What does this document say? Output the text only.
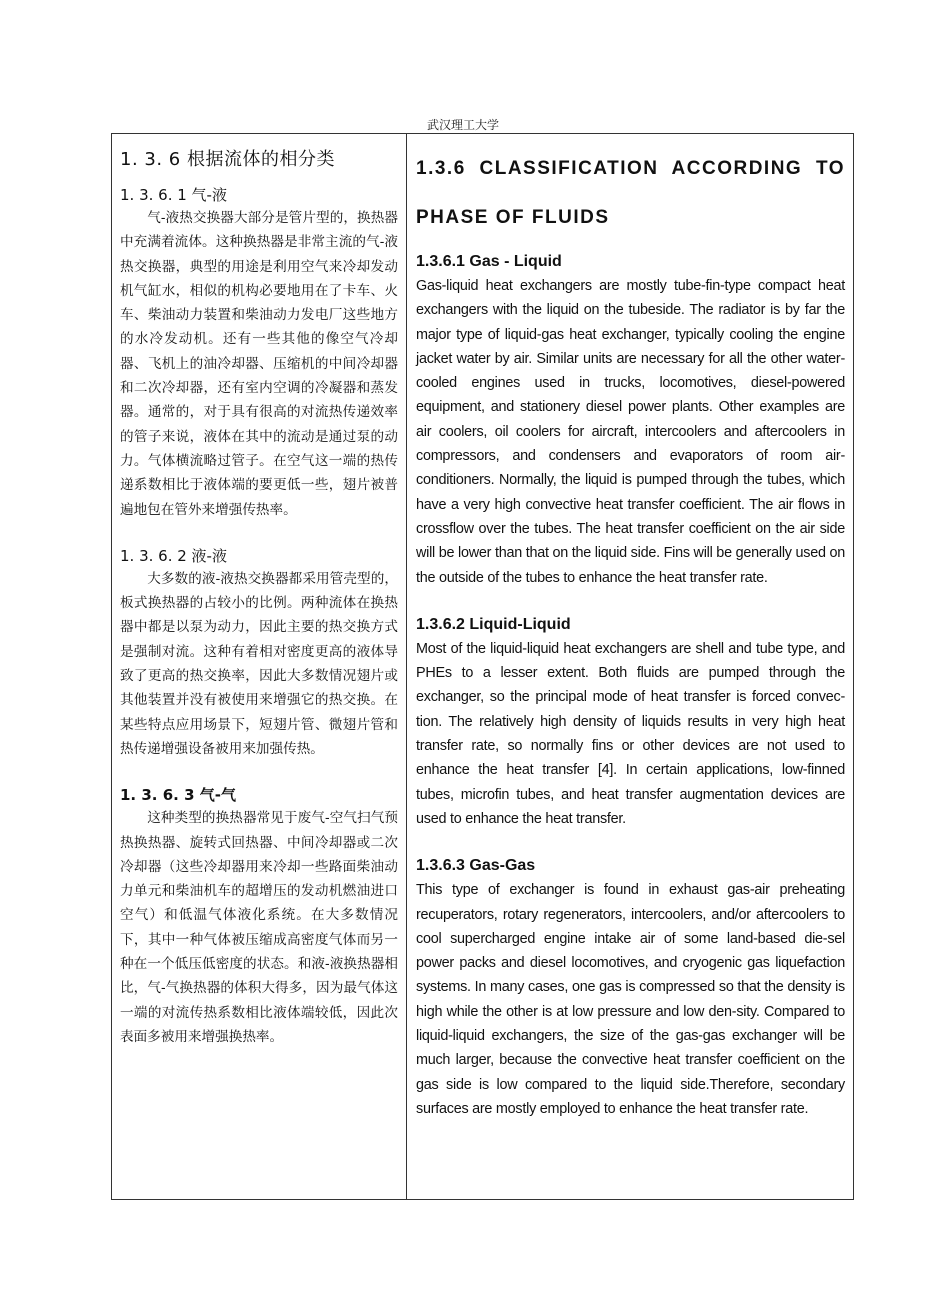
武汉理工大学
1. 3. 6 根据流体的相分类
1. 3. 6. 1 气-液

气-液热交换器大部分是管片型的，换热器中充满着流体。这种换热器是非常主流的气-液热交换器，典型的用途是利用空气来冷却发动机气缸水，相似的机构必要地用在了卡车、火车、柴油动力装置和柴油动力发电厂这些地方的水冷发动机。还有一些其他的像空气冷却器、飞机上的油冷却器、压缩机的中间冷却器和二次冷却器，还有室内空调的冷凝器和蒸发器。通常的，对于具有很高的对流热传递效率的管子来说，液体在其中的流动是通过泵的动力。气体横流略过管子。在空气这一端的热传递系数相比于液体端的要更低一些，翅片被普遍地包在管外来增强传热率。

1. 3. 6. 2 液-液

大多数的液-液热交换器都采用管壳型的，板式换热器的占较小的比例。两种流体在换热器中都是以泵为动力，因此主要的热交换方式是强制对流。这种有着相对密度更高的液体导致了更高的热交换率，因此大多数情况翅片或其他装置并没有被使用来增强它的热交换。在某些特点应用场景下，短翅片管、微翅片管和热传递增强设备被用来加强传热。

1. 3. 6. 3 气-气

这种类型的换热器常见于废气-空气扫气预热换热器、旋转式回热器、中间冷却器或二次冷却器（这些冷却器用来冷却一些路面柴油动力单元和柴油机车的超增压的发动机燃油进口空气）和低温气体液化系统。在大多数情况下，其中一种气体被压缩成高密度气体而另一种在一个低压低密度的状态。和液-液换热器相比，气-气换热器的体积大得多，因为最气体这一端的对流传热系数相比液体端较低，因此次表面多被用来增强换热率。

1.3.6 CLASSIFICATION ACCORDING TO PHASE OF FLUIDS
1.3.6.1 Gas - Liquid

Gas-liquid heat exchangers are mostly tube-fin-type compact heat exchangers with the liquid on the tubeside. The radiator is by far the major type of liquid-gas heat exchanger, typically cooling the engine jacket water by air. Similar units are necessary for all the other water-cooled engines used in trucks, locomotives, diesel-powered equipment, and stationery diesel power plants. Other examples are air coolers, oil coolers for aircraft, intercoolers and aftercoolers in compressors, and condensers and evaporators of room air-conditioners. Normally, the liquid is pumped through the tubes, which have a very high convective heat transfer coefficient. The air flows in crossflow over the tubes. The heat transfer coefficient on the air side will be lower than that on the liquid side. Fins will be generally used on the outside of the tubes to enhance the heat transfer rate.

1.3.6.2 Liquid-Liquid

Most of the liquid-liquid heat exchangers are shell and tube type, and PHEs to a lesser extent. Both fluids are pumped through the exchanger, so the principal mode of heat transfer is forced convec-tion. The relatively high density of liquids results in very high heat transfer rate, so normally fins or other devices are not used to enhance the heat transfer [4]. In certain applications, low-finned tubes, microfin tubes, and heat transfer augmentation devices are used to enhance the heat transfer.

1.3.6.3 Gas-Gas

This type of exchanger is found in exhaust gas-air preheating recuperators, rotary regenerators, intercoolers, and/or aftercoolers to cool supercharged engine intake air of some land-based die-sel power packs and diesel locomotives, and cryogenic gas liquefaction systems. In many cases, one gas is compressed so that the density is high while the other is at low pressure and low den-sity. Compared to liquid-liquid exchangers, the size of the gas-gas exchanger will be much larger, because the convective heat transfer coefficient on the gas side is low compared to the liquid side.Therefore, secondary surfaces are mostly employed to enhance the heat transfer rate.
